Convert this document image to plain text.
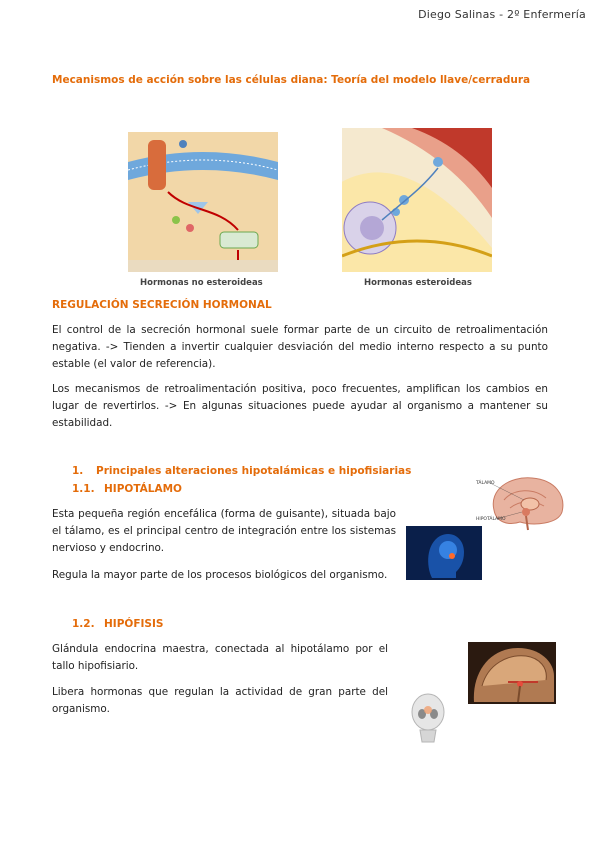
Diego Salinas - 2º Enfermería
Mecanismos de acción sobre las células diana: Teoría del modelo llave/cerradura
Hormonas no esteroideas	Hormonas esteroideas
REGULACIÓN SECRECIÓN HORMONAL
El control de la secreción hormonal suele formar parte de un circuito de retroalimentación negativa. -> Tienden a invertir cualquier desviación del medio interno respecto a su punto estable (el valor de referencia).
Los mecanismos de retroalimentación positiva, poco frecuentes, amplifican los cambios en lugar de revertirlos. -> En algunas situaciones puede ayudar al organismo a mantener su estabilidad.
1. Principales alteraciones hipotalámicas e hipofisiarias
1.1. HIPOTÁLAMO
Esta pequeña región encefálica (forma de guisante), situada bajo el tálamo, es el principal centro de integración entre los sistemas nervioso y endocrino.
Regula la mayor parte de los procesos biológicos del organismo.
TÁLAMO
HIPOTÁLAMO
1.2. HIPÓFISIS
Glándula endocrina maestra, conectada al hipotálamo por el tallo hipofisiario.
Libera hormonas que regulan la actividad de gran parte del organismo.
